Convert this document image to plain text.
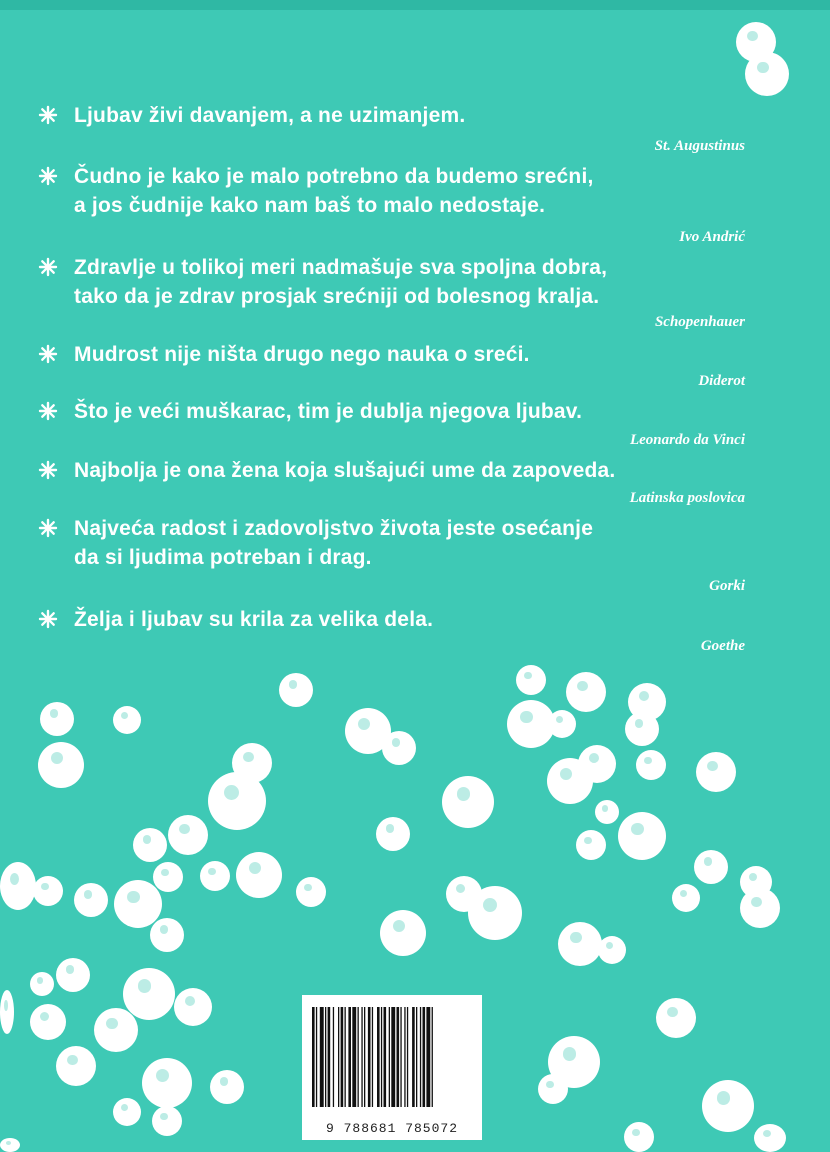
Ljubav živi davanjem, a ne uzimanjem.
St. Augustinus
Čudno je kako je malo potrebno da budemo srećni,
a jos čudnije kako nam baš to malo nedostaje.
Ivo Andrić
Zdravlje u tolikoj meri nadmašuje sva spoljna dobra,
tako da je zdrav prosjak srećniji od bolesnog kralja.
Schopenhauer
Mudrost nije ništa drugo nego nauka o sreći.
Diderot
Što je veći muškarac, tim je dublja njegova ljubav.
Leonardo da Vinci
Najbolja je ona žena koja slušajući ume da zapoveda.
Latinska poslovica
Najveća radost i zadovoljstvo života jeste osećanje
da si ljudima potreban i drag.
Gorki
Želja i ljubav su krila za velika dela.
Goethe
9 788681 785072
